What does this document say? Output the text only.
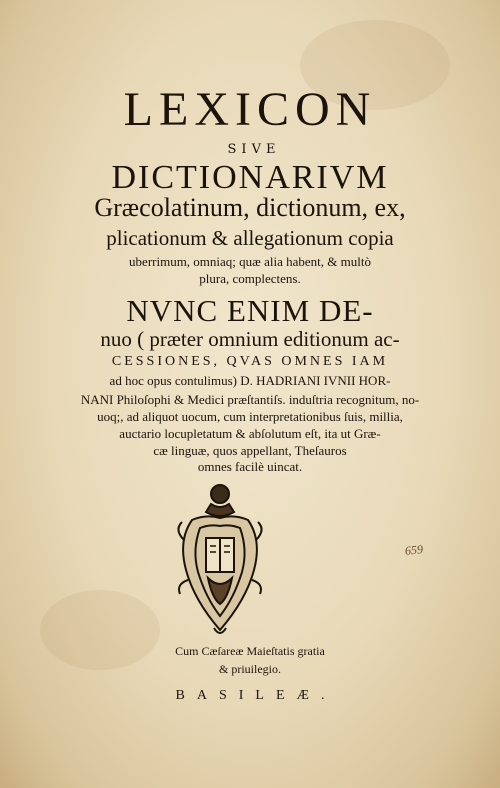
LEXICON
SIVE
DICTIONARIVM
Græcolatinum, dictionum, ex,
plicationum & allegationum copia
uberrimum, omniaq; quæ alia habent, & multò
plura, complectens.
NVNC ENIM DE-
nuo ( præter omnium editionum ac-
CESSIONES, QVAS OMNES IAM
ad hoc opus contulimus) D. HADRIANI IVNII HOR-
NANI Philoſophi & Medici præſtantiſs. induſtria recognitum, no-
uoq;, ad aliquot uocum, cum interpretationibus ſuis, millia,
auctario locupletatum & abſolutum eſt, ita ut Græ-
cæ linguæ, quos appellant, Theſauros
omnes facilè uincat.
659
Cum Cæſareæ Maieſtatis gratia
& priuilegio.
BASILEÆ.
